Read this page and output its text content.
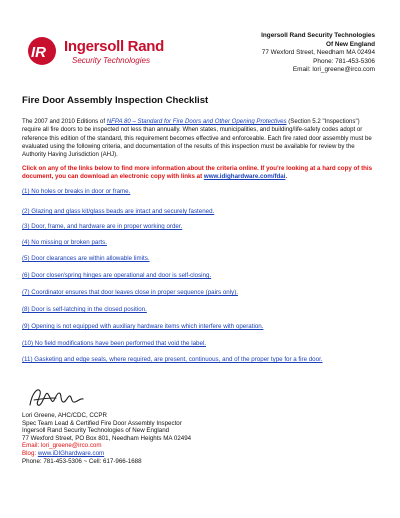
IR Ingersoll Rand
Security Technologies
Ingersoll Rand Security Technologies
Of New England
77 Wexford Street, Needham MA 02494
Phone: 781-453-5306
Email: lori_greene@irco.com
Fire Door Assembly Inspection Checklist

The 2007 and 2010 Editions of NFPA 80 – Standard for Fire Doors and Other Opening Protectives (Section 5.2 "Inspections") require all fire doors to be inspected not less than annually. When states, municipalities, and building/life-safety codes adopt or reference this edition of the standard, this requirement becomes effective and enforceable. Each fire rated door assembly must be evaluated using the following criteria, and documentation of the results of this inspection must be available for review by the Authority Having Jurisdiction (AHJ).

Click on any of the links below to find more information about the criteria online. If you're looking at a hard copy of this document, you can download an electronic copy with links at www.idighardware.com/fdai.

(1) No holes or breaks in door or frame.
(2) Glazing and glass kit/glass beads are intact and securely fastened.
(3) Door, frame, and hardware are in proper working order.
(4) No missing or broken parts.
(5) Door clearances are within allowable limits.
(6) Door closer/spring hinges are operational and door is self-closing.
(7) Coordinator ensures that door leaves close in proper sequence (pairs only).
(8) Door is self-latching in the closed position.
(9) Opening is not equipped with auxiliary hardware items which interfere with operation.
(10) No field modifications have been performed that void the label.
(11) Gasketing and edge seals, where required, are present, continuous, and of the proper type for a fire door.
Lori Greene, AHC/CDC, CCPR
Spec Team Lead & Certified Fire Door Assembly Inspector
Ingersoll Rand Security Technologies of New England
77 Wexford Street, PO Box 801, Needham Heights MA 02494
Email: lori_greene@irco.com
Blog: www.iDIGhardware.com
Phone: 781-453-5306 ~ Cell: 617-966-1688
